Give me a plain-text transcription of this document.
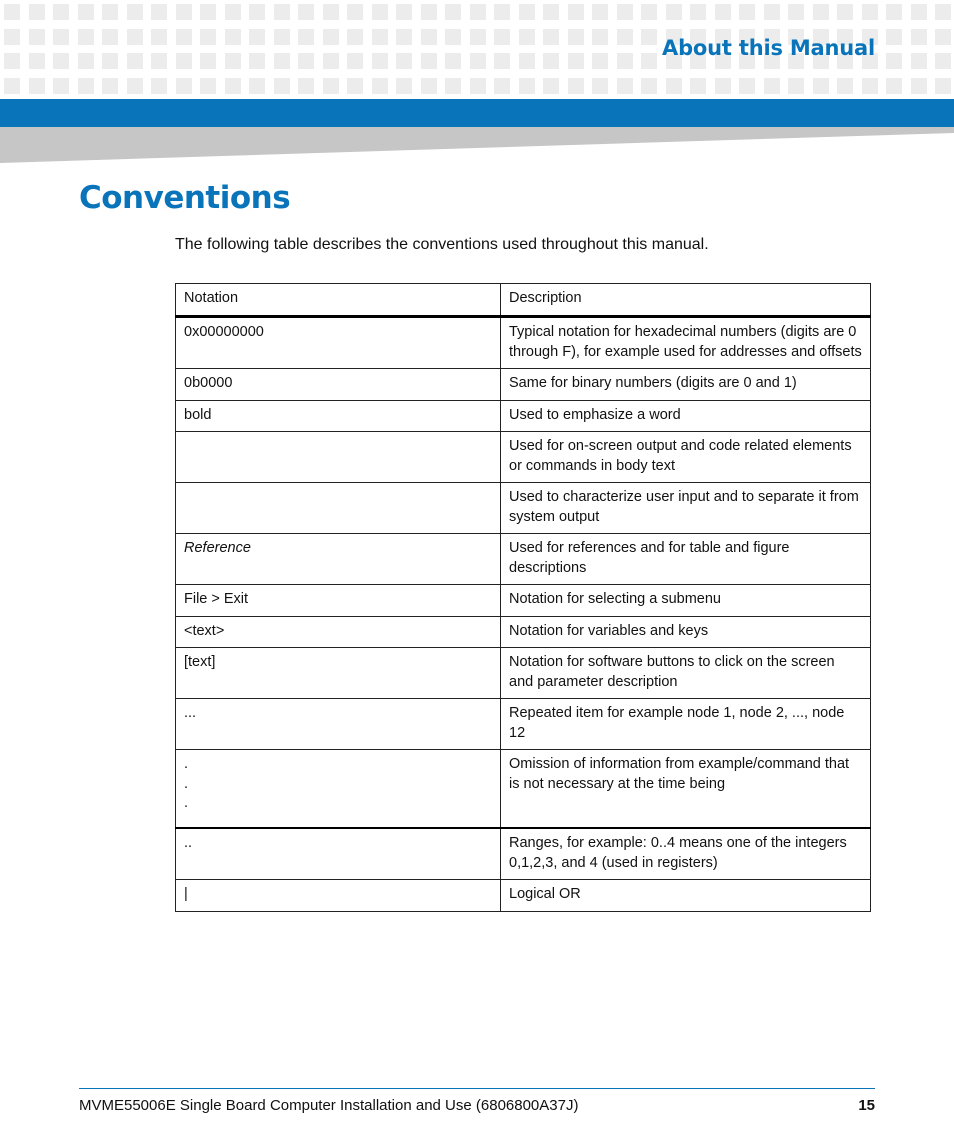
About this Manual
Conventions
The following table describes the conventions used throughout this manual.
Notation	Description
0x00000000	Typical notation for hexadecimal numbers (digits are 0 through F), for example used for addresses and offsets
0b0000	Same for binary numbers (digits are 0 and 1)
bold	Used to emphasize a word
	Used for on-screen output and code related elements or commands in body text
	Used to characterize user input and to separate it from system output
Reference	Used for references and for table and figure descriptions
File > Exit	Notation for selecting a submenu
<text>	Notation for variables and keys
[text]	Notation for software buttons to click on the screen and parameter description
...	Repeated item for example node 1, node 2, ..., node 12

.
.
.	Omission of information from example/command that is not necessary at the time being
..	Ranges, for example: 0..4 means one of the integers 0,1,2,3, and 4 (used in registers)
|	Logical OR
MVME55006E Single Board Computer Installation and Use (6806800A37J)	15
